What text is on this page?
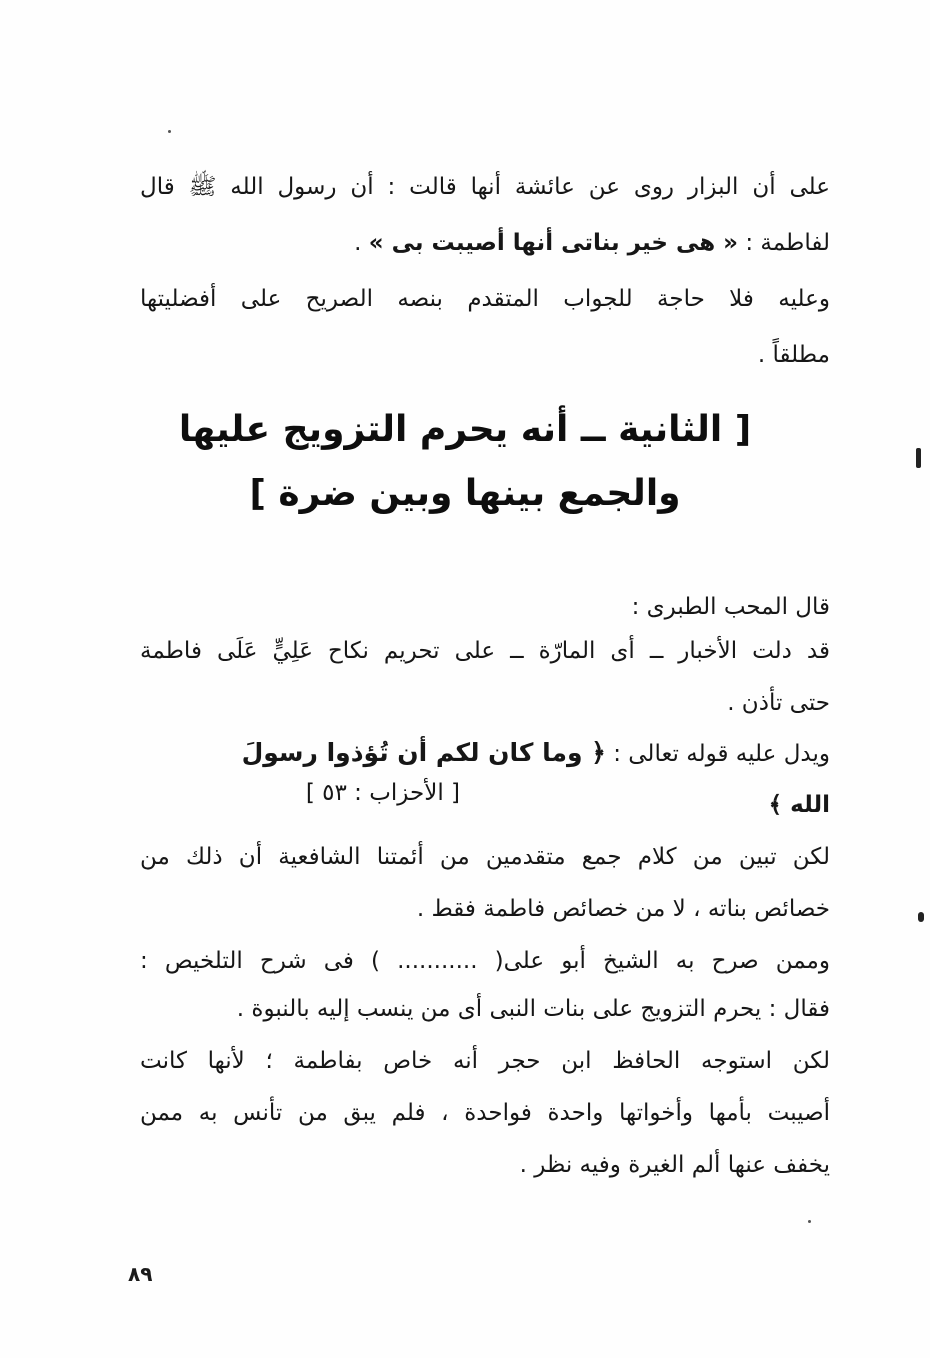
على أن البزار روى عن عائشة أنها قالت : أن رسول الله ﷺ قال
لفاطمة : « هى خير بناتى أنها أصيبت بى » .
وعليه فلا حاجة للجواب المتقدم بنصه الصريح على أفضليتها
مطلقاً .
[ الثانية ــ أنه يحرم التزويج عليها
والجمع بينها وبين ضرة ]
قال المحب الطبرى :
قد دلت الأخبار ــ أى المارّة ــ على تحريم نكاح عَلِيٍّ عَلَى فاطمة
حتى تأذن .
ويدل عليه قوله تعالى : ﴿ وما كان لكم أن تُؤذوا رسولَ
[ الأحزاب : ٥٣ ]	الله ﴾
لكن تبين من كلام جمع متقدمين من أئمتنا الشافعية أن ذلك من
خصائص بناته ، لا من خصائص فاطمة فقط .
وممن صرح به الشيخ أبو على( ........... ) فى شرح التلخيص :
فقال : يحرم التزويج على بنات النبى أى من ينسب إليه بالنبوة .
لكن استوجه الحافظ ابن حجر أنه خاص بفاطمة ؛ لأنها كانت
أصيبت بأمها وأخواتها واحدة فواحدة ، فلم يبق من تأنس به ممن
يخفف عنها ألم الغيرة وفيه نظر .
٨٩
